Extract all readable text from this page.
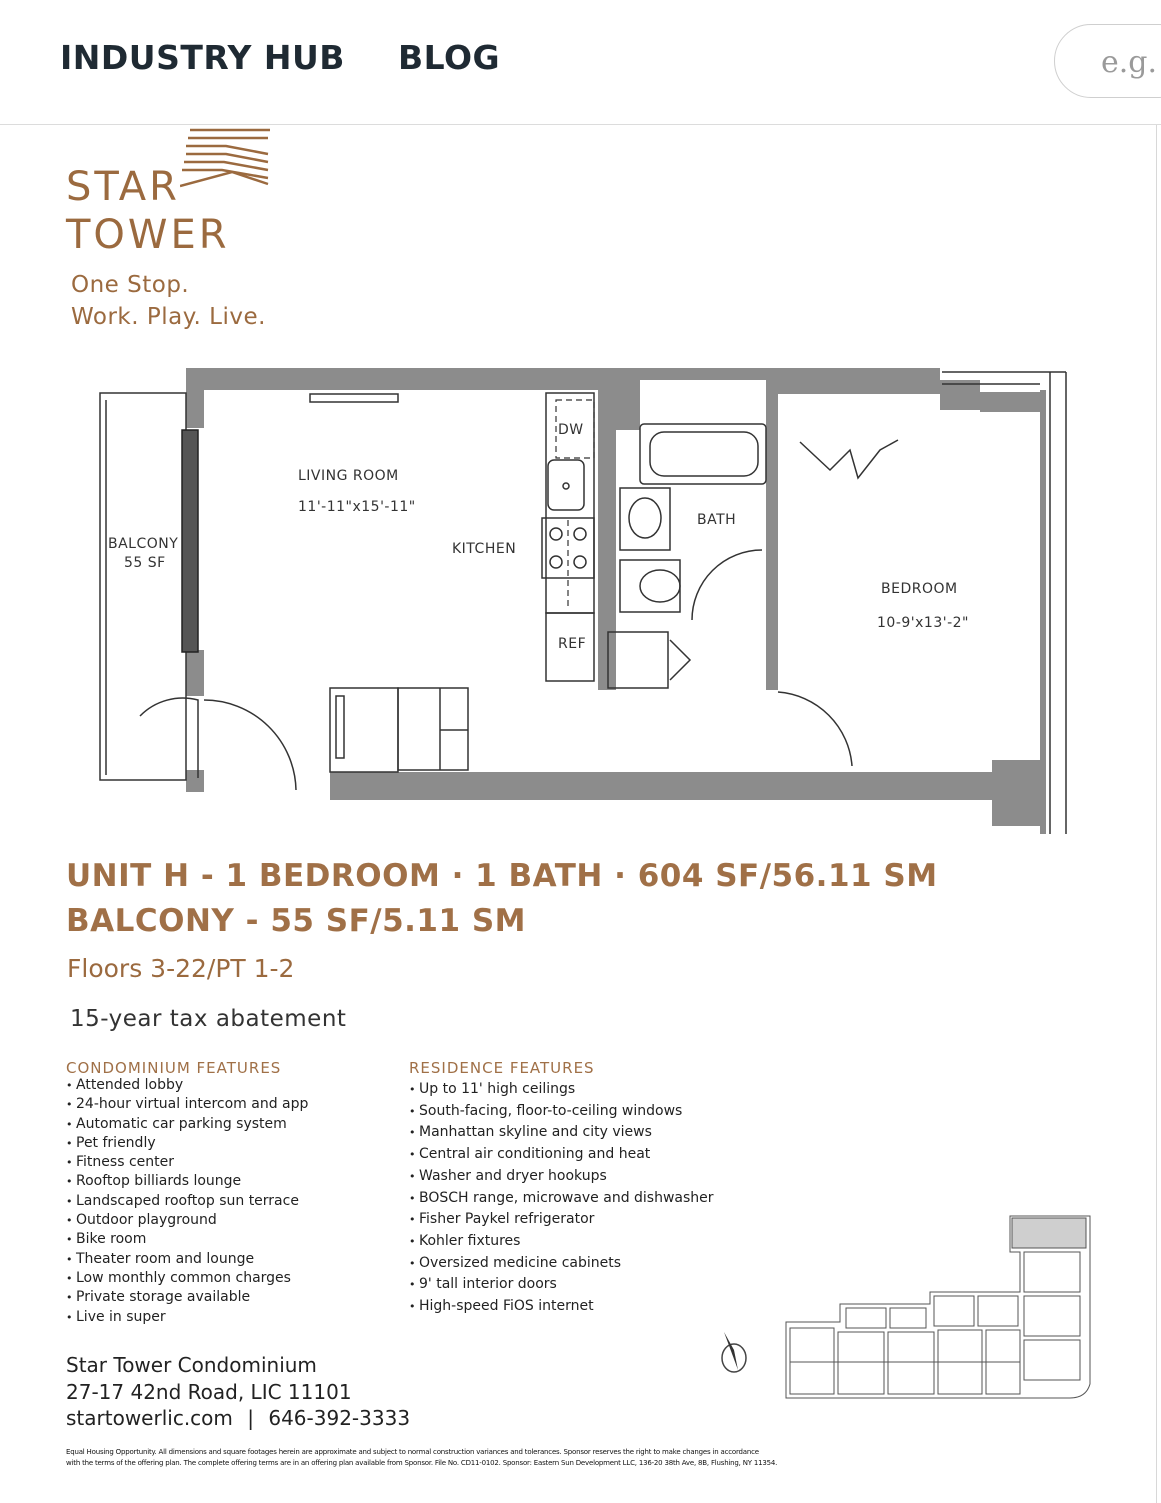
INDUSTRY HUB BLOG
e.g. a
STAR
TOWER
One Stop.
Work. Play. Live.
BALCONY
55 SF
LIVING ROOM
11'-11"x15'-11"
KITCHEN
DW
REF
BATH
BEDROOM
10-9'x13'-2"
UNIT H - 1 BEDROOM · 1 BATH · 604 SF/56.11 SM
BALCONY - 55 SF/5.11 SM
Floors 3-22/PT 1-2
15-year tax abatement
CONDOMINIUM FEATURES
• Attended lobby
• 24-hour virtual intercom and app
• Automatic car parking system
• Pet friendly
• Fitness center
• Rooftop billiards lounge
• Landscaped rooftop sun terrace
• Outdoor playground
• Bike room
• Theater room and lounge
• Low monthly common charges
• Private storage available
• Live in super
RESIDENCE FEATURES
• Up to 11' high ceilings
• South-facing, floor-to-ceiling windows
• Manhattan skyline and city views
• Central air conditioning and heat
• Washer and dryer hookups
• BOSCH range, microwave and dishwasher
• Fisher Paykel refrigerator
• Kohler fixtures
• Oversized medicine cabinets
• 9' tall interior doors
• High-speed FiOS internet
Star Tower Condominium
27-17 42nd Road, LIC 11101
startowerlic.com | 646-392-3333
Equal Housing Opportunity. All dimensions and square footages herein are approximate and subject to normal construction variances and tolerances. Sponsor reserves the right to make changes in accordance
with the terms of the offering plan. The complete offering terms are in an offering plan available from Sponsor. File No. CD11-0102. Sponsor: Eastern Sun Development LLC, 136-20 38th Ave, 8B, Flushing, NY 11354.
